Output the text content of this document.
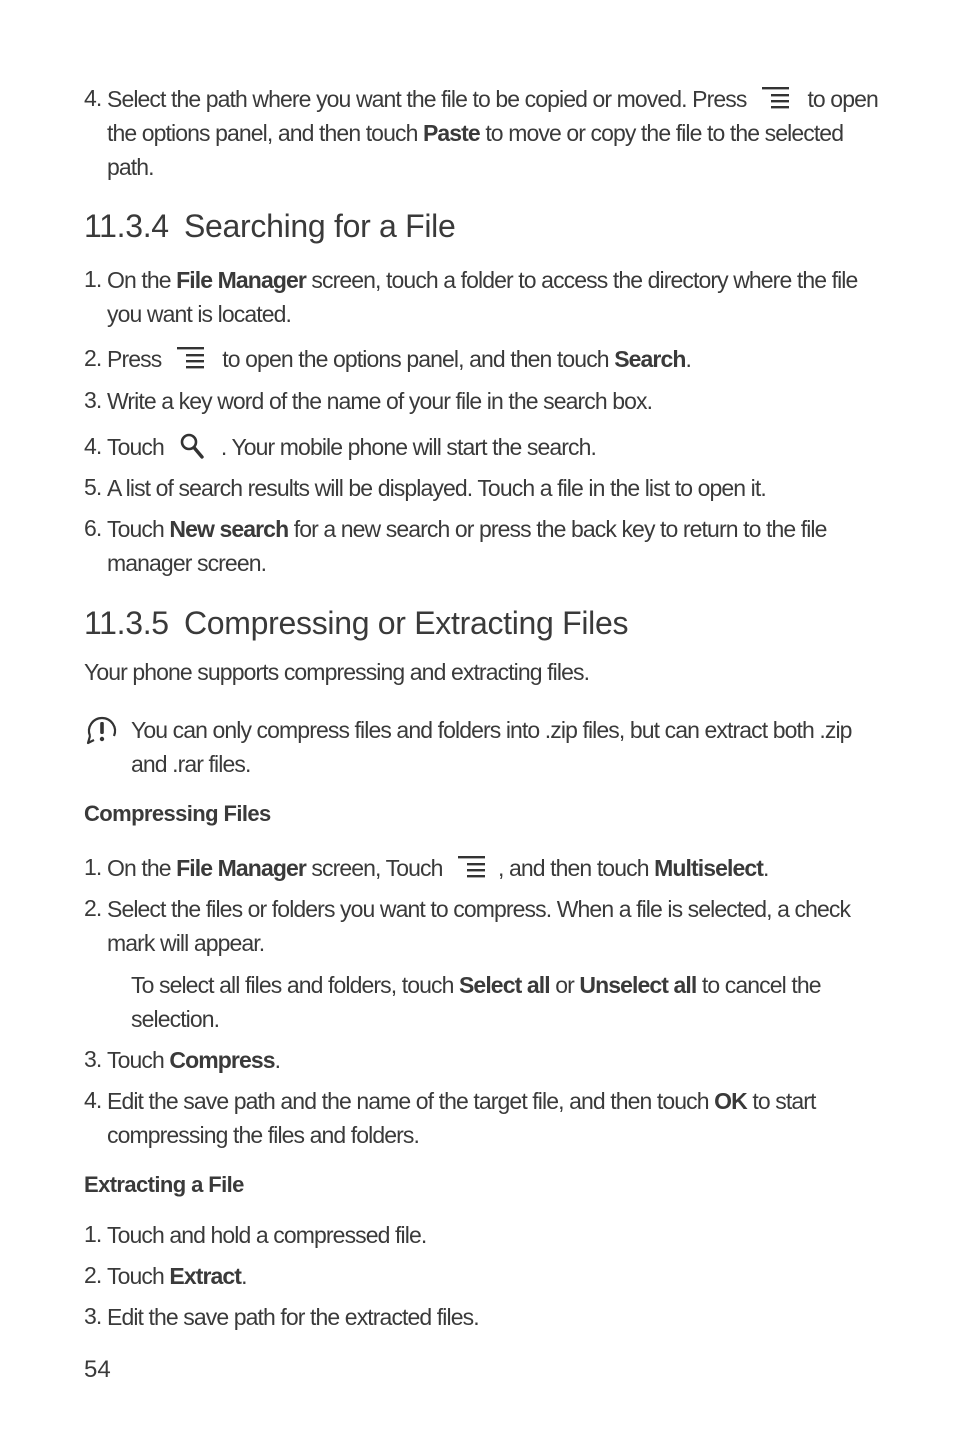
4. Select the path where you want the file to be copied or moved. Press	to open
the options panel, and then touch Paste to move or copy the file to the selected
path.
11.3.4 Searching for a File
1. On the File Manager screen, touch a folder to access the directory where the file
you want is located.
2. Press	to open the options panel, and then touch Search.
3. Write a key word of the name of your file in the search box.
4. Touch . Your mobile phone will start the search.
5. A list of search results will be displayed. Touch a file in the list to open it.
6. Touch New search for a new search or press the back key to return to the file
manager screen.
11.3.5 Compressing or Extracting Files
Your phone supports compressing and extracting files.
You can only compress files and folders into .zip files, but can extract both .zip
and .rar files.
Compressing Files
1. On the File Manager screen, Touch , and then touch Multiselect.
2. Select the files or folders you want to compress. When a file is selected, a check
mark will appear.
To select all files and folders, touch Select all or Unselect all to cancel the
selection.
3. Touch Compress.
4. Edit the save path and the name of the target file, and then touch OK to start
compressing the files and folders.
Extracting a File
1. Touch and hold a compressed file.
2. Touch Extract.
3. Edit the save path for the extracted files.
54
